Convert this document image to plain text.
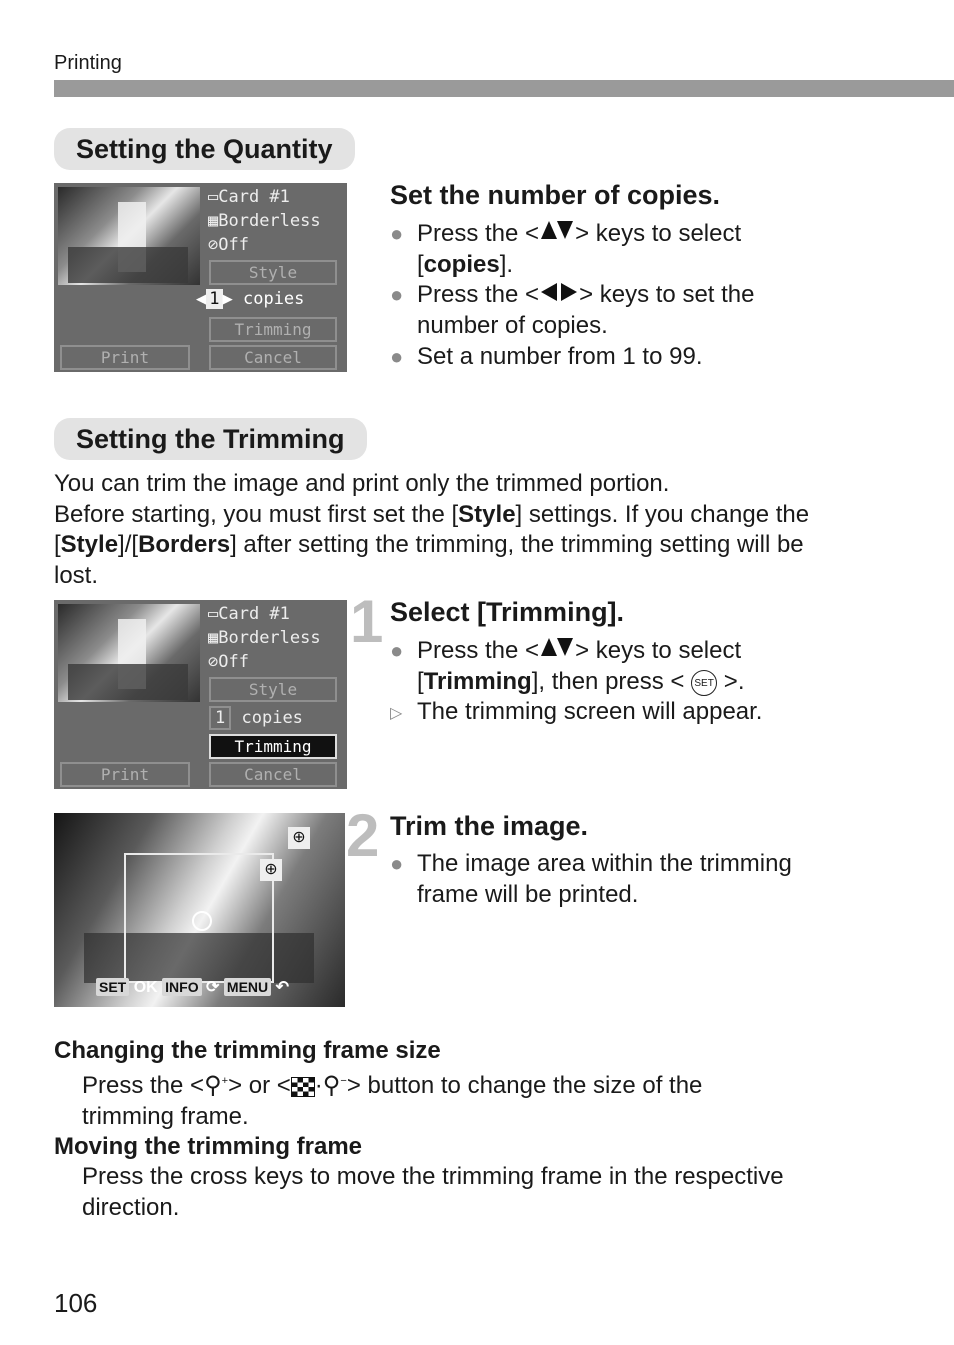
Printing
Setting the Quantity
▭Card #1
▦Borderless
⊘Off
Style
◀ 1 ▶ copies
Trimming
Print	Cancel
Set the number of copies.
● Press the < > keys to select
[copies].
● Press the < > keys to set the
number of copies.
● Set a number from 1 to 99.
Setting the Trimming
You can trim the image and print only the trimmed portion.
Before starting, you must first set the [Style] settings. If you change the
[Style]/[Borders] after setting the trimming, the trimming setting will be
lost.
▭Card #1
▦Borderless
⊘Off
Style
1 copies
Trimming
Print	Cancel
1 Select [Trimming].
● Press the < > keys to select
[Trimming], then press < SET >.
▷ The trimming screen will appear.
⊕
⊕
SET OK INFO ⟳ MENU ↶
2 Trim the image.
● The image area within the trimming
frame will be printed.
Changing the trimming frame size
Press the <⚲+> or < ·⚲−> button to change the size of the
trimming frame.
Moving the trimming frame
Press the cross keys to move the trimming frame in the respective
direction.
106
